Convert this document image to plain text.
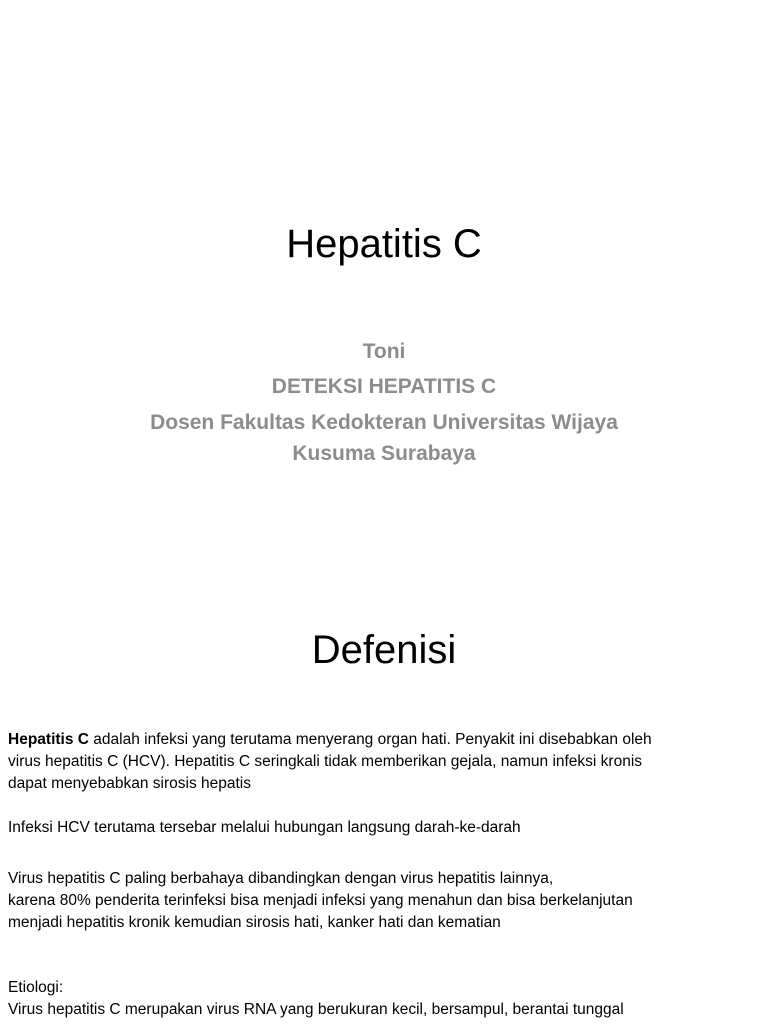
Hepatitis C
Toni
DETEKSI HEPATITIS C
Dosen Fakultas Kedokteran Universitas Wijaya Kusuma Surabaya
Defenisi
Hepatitis C adalah infeksi yang terutama menyerang organ hati. Penyakit ini disebabkan oleh
virus hepatitis C (HCV). Hepatitis C seringkali tidak memberikan gejala, namun infeksi kronis
dapat menyebabkan sirosis hepatis
Infeksi HCV terutama tersebar melalui hubungan langsung darah-ke-darah
Virus hepatitis C paling berbahaya dibandingkan dengan virus hepatitis lainnya,
karena 80% penderita terinfeksi bisa menjadi infeksi yang menahun dan bisa berkelanjutan
menjadi hepatitis kronik kemudian sirosis hati, kanker hati dan kematian
Etiologi:
Virus hepatitis C merupakan virus RNA yang berukuran kecil, bersampul, berantai tunggal
